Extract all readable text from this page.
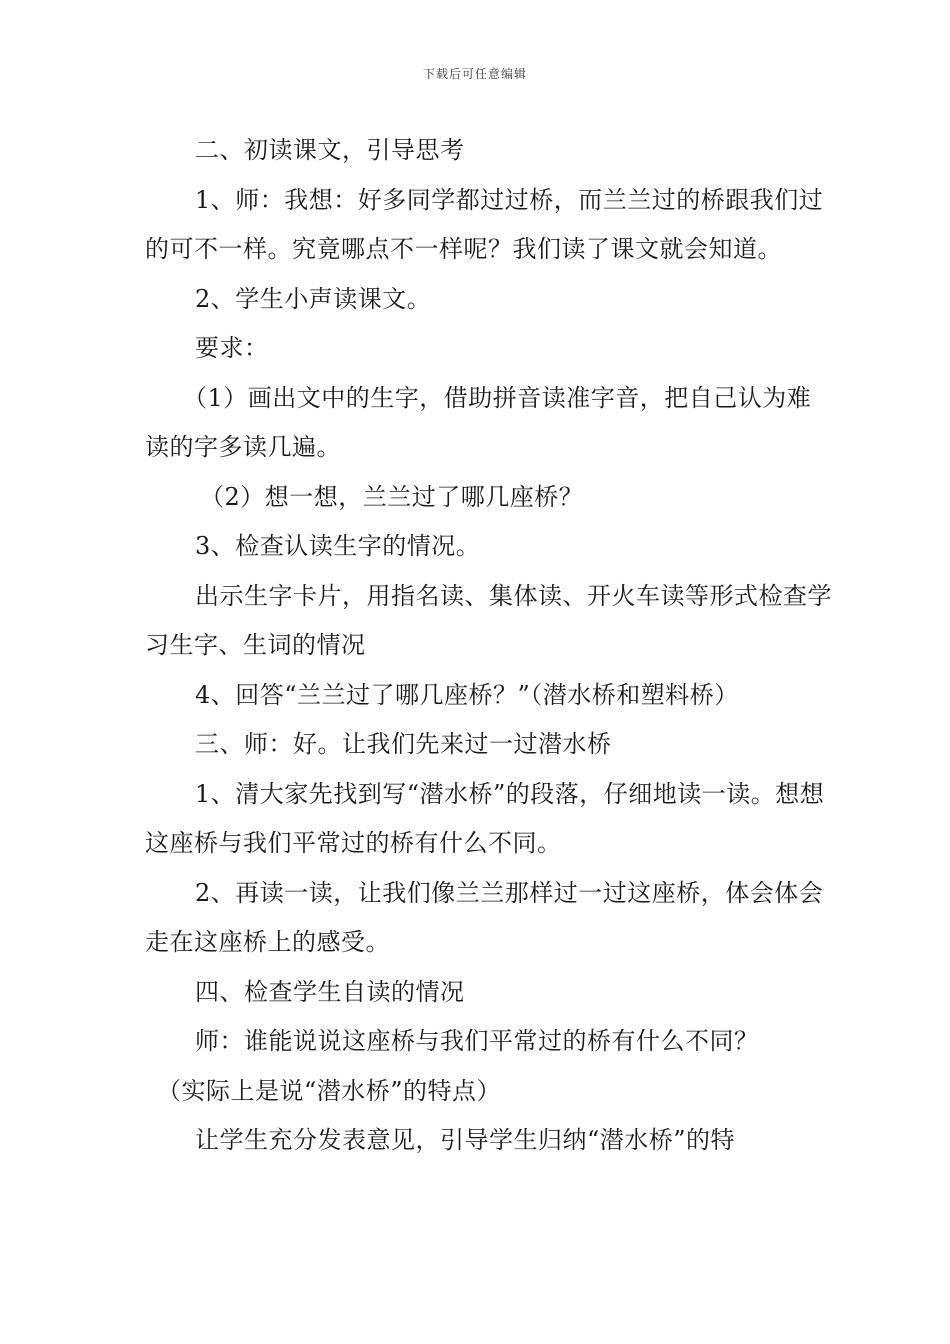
下载后可任意编辑

二、初读课文，引导思考

1、师：我想：好多同学都过过桥，而兰兰过的桥跟我们过的可不一样。究竟哪点不一样呢？我们读了课文就会知道。

2、学生小声读课文。

要求：

（1）画出文中的生字，借助拼音读准字音，把自己认为难读的字多读几遍。

（2）想一想，兰兰过了哪几座桥？

3、检查认读生字的情况。

出示生字卡片，用指名读、集体读、开火车读等形式检查学习生字、生词的情况

4、回答“兰兰过了哪几座桥？”（潜水桥和塑料桥）

三、师：好。让我们先来过一过潜水桥

1、清大家先找到写“潜水桥”的段落，仔细地读一读。想想这座桥与我们平常过的桥有什么不同。

2、再读一读，让我们像兰兰那样过一过这座桥，体会体会走在这座桥上的感受。

四、检查学生自读的情况

师：谁能说说这座桥与我们平常过的桥有什么不同？

（实际上是说“潜水桥”的特点）

让学生充分发表意见，引导学生归纳“潜水桥”的特
